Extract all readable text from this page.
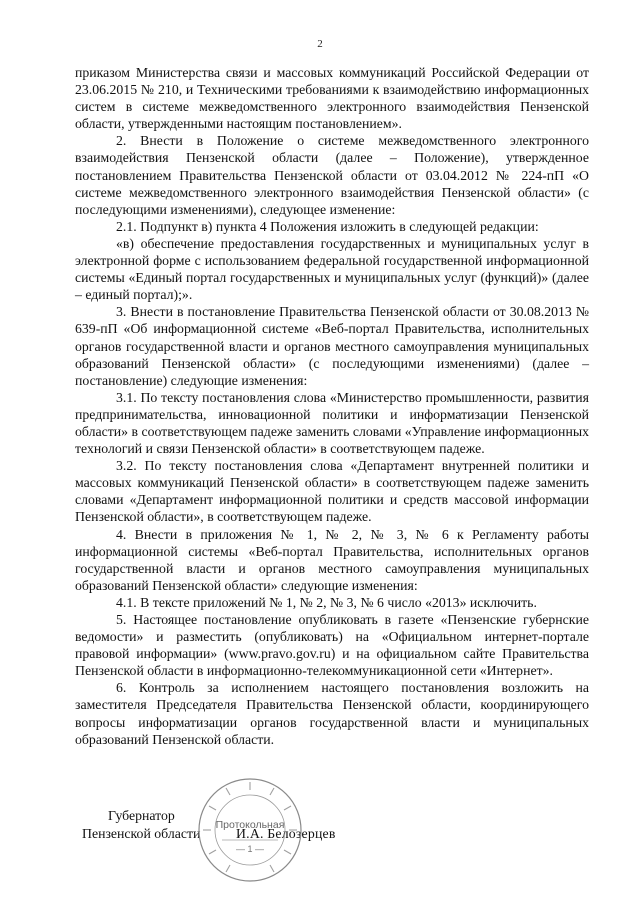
2

приказом Министерства связи и массовых коммуникаций Российской Федерации от 23.06.2015 № 210, и Техническими требованиями к взаимодействию информационных систем в системе межведомственного электронного взаимодействия Пензенской области, утвержденными настоящим постановлением».

2. Внести в Положение о системе межведомственного электронного взаимодействия Пензенской области (далее – Положение), утвержденное постановлением Правительства Пензенской области от 03.04.2012 № 224-пП «О системе межведомственного электронного взаимодействия Пензенской области» (с последующими изменениями), следующее изменение:

2.1. Подпункт в) пункта 4 Положения изложить в следующей редакции:

«в) обеспечение предоставления государственных и муниципальных услуг в электронной форме с использованием федеральной государственной информационной системы «Единый портал государственных и муниципальных услуг (функций)» (далее – единый портал);».

3. Внести в постановление Правительства Пензенской области от 30.08.2013 № 639-пП «Об информационной системе «Веб-портал Правительства, исполнительных органов государственной власти и органов местного самоуправления муниципальных образований Пензенской области» (с последующими изменениями) (далее – постановление) следующие изменения:

3.1. По тексту постановления слова «Министерство промышленности, развития предпринимательства, инновационной политики и информатизации Пензенской области» в соответствующем падеже заменить словами «Управление информационных технологий и связи Пензенской области» в соответствующем падеже.

3.2. По тексту постановления слова «Департамент внутренней политики и массовых коммуникаций Пензенской области» в соответствующем падеже заменить словами «Департамент информационной политики и средств массовой информации Пензенской области», в соответствующем падеже.

4. Внести в приложения № 1, № 2, № 3, № 6 к Регламенту работы информационной системы «Веб-портал Правительства, исполнительных органов государственной власти и органов местного самоуправления муниципальных образований Пензенской области» следующие изменения:

4.1. В тексте приложений № 1, № 2, № 3, № 6 число «2013» исключить.

5. Настоящее постановление опубликовать в газете «Пензенские губернские ведомости» и разместить (опубликовать) на «Официальном интернет-портале правовой информации» (www.pravo.gov.ru) и на официальном сайте Правительства Пензенской области в информационно-телекоммуникационной сети «Интернет».

6. Контроль за исполнением настоящего постановления возложить на заместителя Председателя Правительства Пензенской области, координирующего вопросы информатизации органов государственной власти и муниципальных образований Пензенской области.

Губернатор
Пензенской области	И.А. Белозерцев
Протокольная
— 1 —
